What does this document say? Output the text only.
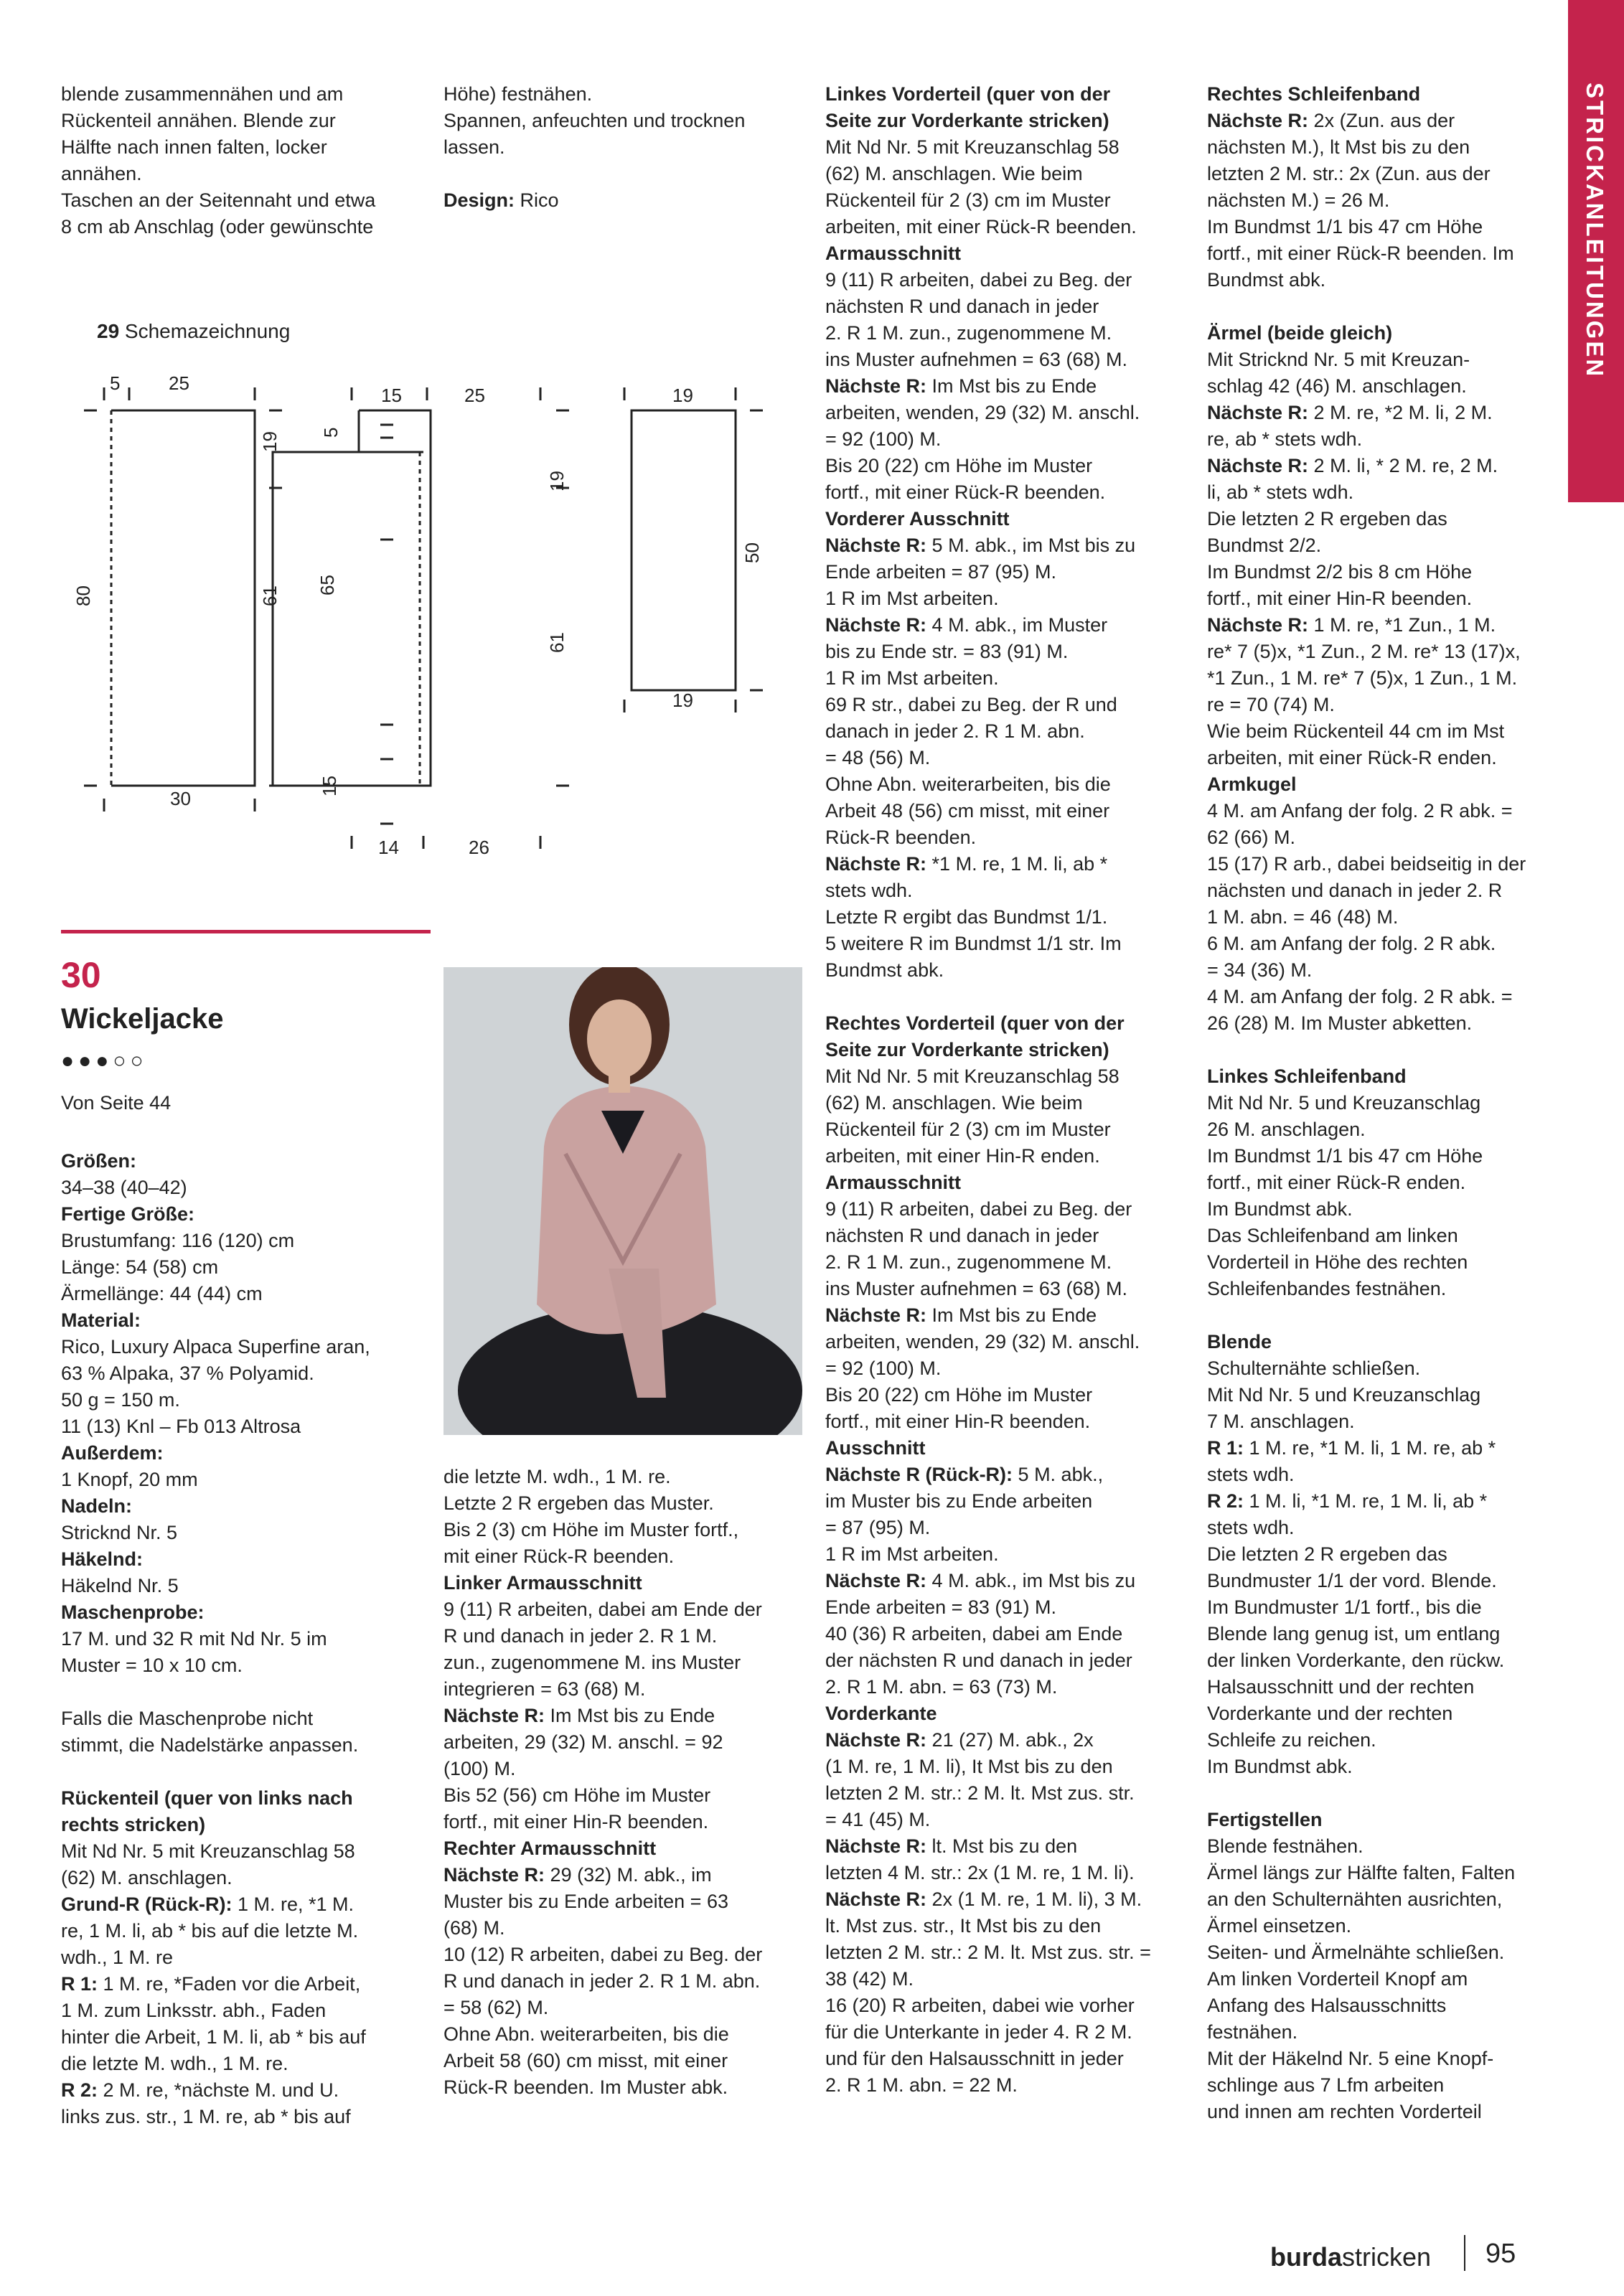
STRICKANLEITUNGEN

blende zusammennähen und am

Rückenteil annähen. Blende zur

Hälfte nach innen falten, locker

annähen.

Taschen an der Seitennaht und etwa

8 cm ab Anschlag (oder gewünschte

Höhe) festnähen.

Spannen, anfeuchten und trocknen

lassen.

Design: Rico

29 Schemazeichnung
5	25
19
80	61
30
5
15	25
65
19
61
15
14	26
19
50
19
30
Wickeljacke
●●●○○
Von Seite 44

Größen:

34–38 (40–42)

Fertige Größe:

Brustumfang: 116 (120) cm

Länge: 54 (58) cm

Ärmellänge: 44 (44) cm

Material:

Rico, Luxury Alpaca Superfine aran,

63 % Alpaka, 37 % Polyamid.

50 g = 150 m.

11 (13) Knl – Fb 013 Altrosa

Außerdem:

1 Knopf, 20 mm

Nadeln:

Stricknd Nr. 5

Häkelnd:

Häkelnd Nr. 5

Maschenprobe:

17 M. und 32 R mit Nd Nr. 5 im

Muster = 10 x 10 cm.

Falls die Maschenprobe nicht

stimmt, die Nadelstärke anpassen.

Rückenteil (quer von links nach

rechts stricken)

Mit Nd Nr. 5 mit Kreuzanschlag 58

(62) M. anschlagen.

Grund-R (Rück-R): 1 M. re, *1 M.

re, 1 M. li, ab * bis auf die letzte M.

wdh., 1 M. re

R 1: 1 M. re, *Faden vor die Arbeit,

1 M. zum Linksstr. abh., Faden

hinter die Arbeit, 1 M. li, ab * bis auf

die letzte M. wdh., 1 M. re.

R 2: 2 M. re, *nächste M. und U.

links zus. str., 1 M. re, ab * bis auf

die letzte M. wdh., 1 M. re.

Letzte 2 R ergeben das Muster.

Bis 2 (3) cm Höhe im Muster fortf.,

mit einer Rück-R beenden.

Linker Armausschnitt

9 (11) R arbeiten, dabei am Ende der

R und danach in jeder 2. R 1 M.

zun., zugenommene M. ins Muster

integrieren = 63 (68) M.

Nächste R: Im Mst bis zu Ende

arbeiten, 29 (32) M. anschl. = 92

(100) M.

Bis 52 (56) cm Höhe im Muster

fortf., mit einer Hin-R beenden.

Rechter Armausschnitt

Nächste R: 29 (32) M. abk., im

Muster bis zu Ende arbeiten = 63

(68) M.

10 (12) R arbeiten, dabei zu Beg. der

R und danach in jeder 2. R 1 M. abn.

= 58 (62) M.

Ohne Abn. weiterarbeiten, bis die

Arbeit 58 (60) cm misst, mit einer

Rück-R beenden. Im Muster abk.

Linkes Vorderteil (quer von der

Seite zur Vorderkante stricken)

Mit Nd Nr. 5 mit Kreuzanschlag 58

(62) M. anschlagen. Wie beim

Rückenteil für 2 (3) cm im Muster

arbeiten, mit einer Rück-R beenden.

Armausschnitt

9 (11) R arbeiten, dabei zu Beg. der

nächsten R und danach in jeder

2. R 1 M. zun., zugenommene M.

ins Muster aufnehmen = 63 (68) M.

Nächste R: Im Mst bis zu Ende

arbeiten, wenden, 29 (32) M. anschl.

= 92 (100) M.

Bis 20 (22) cm Höhe im Muster

fortf., mit einer Rück-R beenden.

Vorderer Ausschnitt

Nächste R: 5 M. abk., im Mst bis zu

Ende arbeiten = 87 (95) M.

1 R im Mst arbeiten.

Nächste R: 4 M. abk., im Muster

bis zu Ende str. = 83 (91) M.

1 R im Mst arbeiten.

69 R str., dabei zu Beg. der R und

danach in jeder 2. R 1 M. abn.

= 48 (56) M.

Ohne Abn. weiterarbeiten, bis die

Arbeit 48 (56) cm misst, mit einer

Rück-R beenden.

Nächste R: *1 M. re, 1 M. li, ab *

stets wdh.

Letzte R ergibt das Bundmst 1/1.

5 weitere R im Bundmst 1/1 str. Im

Bundmst abk.

Rechtes Vorderteil (quer von der

Seite zur Vorderkante stricken)

Mit Nd Nr. 5 mit Kreuzanschlag 58

(62) M. anschlagen. Wie beim

Rückenteil für 2 (3) cm im Muster

arbeiten, mit einer Hin-R enden.

Armausschnitt

9 (11) R arbeiten, dabei zu Beg. der

nächsten R und danach in jeder

2. R 1 M. zun., zugenommene M.

ins Muster aufnehmen = 63 (68) M.

Nächste R: Im Mst bis zu Ende

arbeiten, wenden, 29 (32) M. anschl.

= 92 (100) M.

Bis 20 (22) cm Höhe im Muster

fortf., mit einer Hin-R beenden.

Ausschnitt

Nächste R (Rück-R): 5 M. abk.,

im Muster bis zu Ende arbeiten

= 87 (95) M.

1 R im Mst arbeiten.

Nächste R: 4 M. abk., im Mst bis zu

Ende arbeiten = 83 (91) M.

40 (36) R arbeiten, dabei am Ende

der nächsten R und danach in jeder

2. R 1 M. abn. = 63 (73) M.

Vorderkante

Nächste R: 21 (27) M. abk., 2x

(1 M. re, 1 M. li), It Mst bis zu den

letzten 2 M. str.: 2 M. lt. Mst zus. str.

= 41 (45) M.

Nächste R: lt. Mst bis zu den

letzten 4 M. str.: 2x (1 M. re, 1 M. li).

Nächste R: 2x (1 M. re, 1 M. li), 3 M.

lt. Mst zus. str., It Mst bis zu den

letzten 2 M. str.: 2 M. lt. Mst zus. str. =

38 (42) M.

16 (20) R arbeiten, dabei wie vorher

für die Unterkante in jeder 4. R 2 M.

und für den Halsausschnitt in jeder

2. R 1 M. abn. = 22 M.

Rechtes Schleifenband

Nächste R: 2x (Zun. aus der

nächsten M.), lt Mst bis zu den

letzten 2 M. str.: 2x (Zun. aus der

nächsten M.) = 26 M.

Im Bundmst 1/1 bis 47 cm Höhe

fortf., mit einer Rück-R beenden. Im

Bundmst abk.

Ärmel (beide gleich)

Mit Stricknd Nr. 5 mit Kreuzan-

schlag 42 (46) M. anschlagen.

Nächste R: 2 M. re, *2 M. li, 2 M.

re, ab * stets wdh.

Nächste R: 2 M. li, * 2 M. re, 2 M.

li, ab * stets wdh.

Die letzten 2 R ergeben das

Bundmst 2/2.

Im Bundmst 2/2 bis 8 cm Höhe

fortf., mit einer Hin-R beenden.

Nächste R: 1 M. re, *1 Zun., 1 M.

re* 7 (5)x, *1 Zun., 2 M. re* 13 (17)x,

*1 Zun., 1 M. re* 7 (5)x, 1 Zun., 1 M.

re = 70 (74) M.

Wie beim Rückenteil 44 cm im Mst

arbeiten, mit einer Rück-R enden.

Armkugel

4 M. am Anfang der folg. 2 R abk. =

62 (66) M.

15 (17) R arb., dabei beidseitig in der

nächsten und danach in jeder 2. R

1 M. abn. = 46 (48) M.

6 M. am Anfang der folg. 2 R abk.

= 34 (36) M.

4 M. am Anfang der folg. 2 R abk. =

26 (28) M. Im Muster abketten.

Linkes Schleifenband

Mit Nd Nr. 5 und Kreuzanschlag

26 M. anschlagen.

Im Bundmst 1/1 bis 47 cm Höhe

fortf., mit einer Rück-R enden.

Im Bundmst abk.

Das Schleifenband am linken

Vorderteil in Höhe des rechten

Schleifenbandes festnähen.

Blende

Schulternähte schließen.

Mit Nd Nr. 5 und Kreuzanschlag

7 M. anschlagen.

R 1: 1 M. re, *1 M. li, 1 M. re, ab *

stets wdh.

R 2: 1 M. li, *1 M. re, 1 M. li, ab *

stets wdh.

Die letzten 2 R ergeben das

Bundmuster 1/1 der vord. Blende.

Im Bundmuster 1/1 fortf., bis die

Blende lang genug ist, um entlang

der linken Vorderkante, den rückw.

Halsausschnitt und der rechten

Vorderkante und der rechten

Schleife zu reichen.

Im Bundmst abk.

Fertigstellen

Blende festnähen.

Ärmel längs zur Hälfte falten, Falten

an den Schulternähten ausrichten,

Ärmel einsetzen.

Seiten- und Ärmelnähte schließen.

Am linken Vorderteil Knopf am

Anfang des Halsausschnitts

festnähen.

Mit der Häkelnd Nr. 5 eine Knopf-

schlinge aus 7 Lfm arbeiten

und innen am rechten Vorderteil

burdastricken 95
